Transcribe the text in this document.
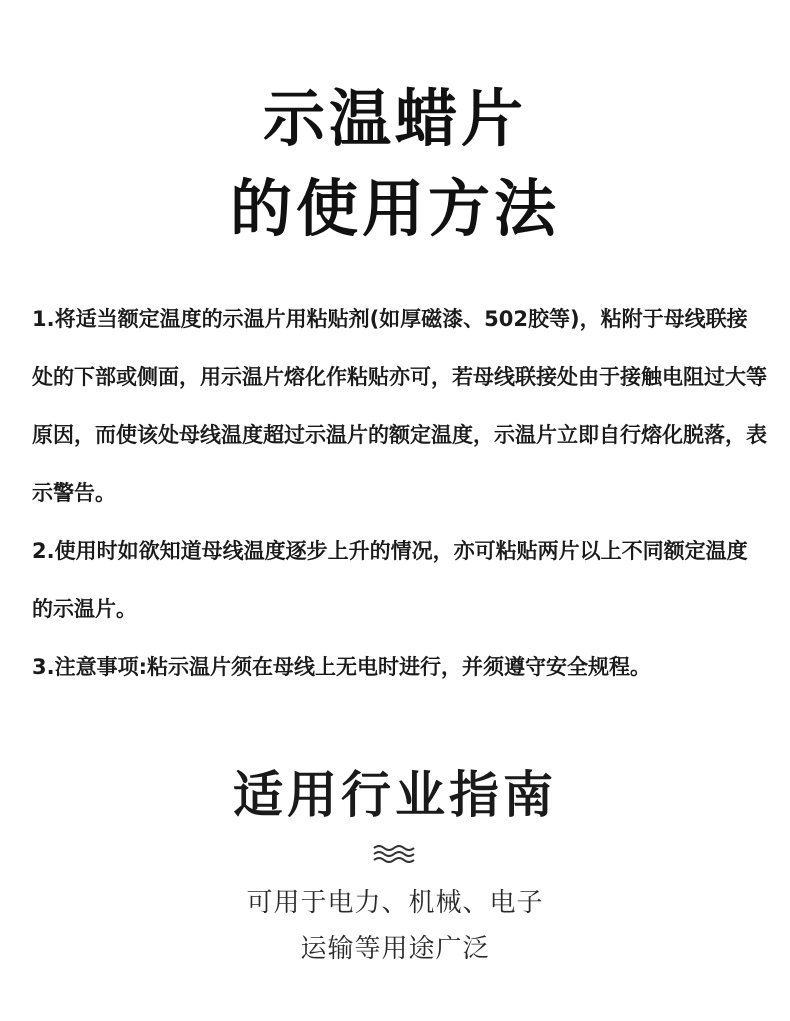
示温蜡片
的使用方法

1.将适当额定温度的示温片用粘贴剂(如厚磁漆、502胶等)，粘附于母线联接处的下部或侧面，用示温片熔化作粘贴亦可，若母线联接处由于接触电阻过大等原因，而使该处母线温度超过示温片的额定温度，示温片立即自行熔化脱落，表示警告。

2.使用时如欲知道母线温度逐步上升的情况，亦可粘贴两片以上不同额定温度的示温片。

3.注意事项:粘示温片须在母线上无电时进行，并须遵守安全规程。

适用行业指南
可用于电力、机械、电子
运输等用途广泛
